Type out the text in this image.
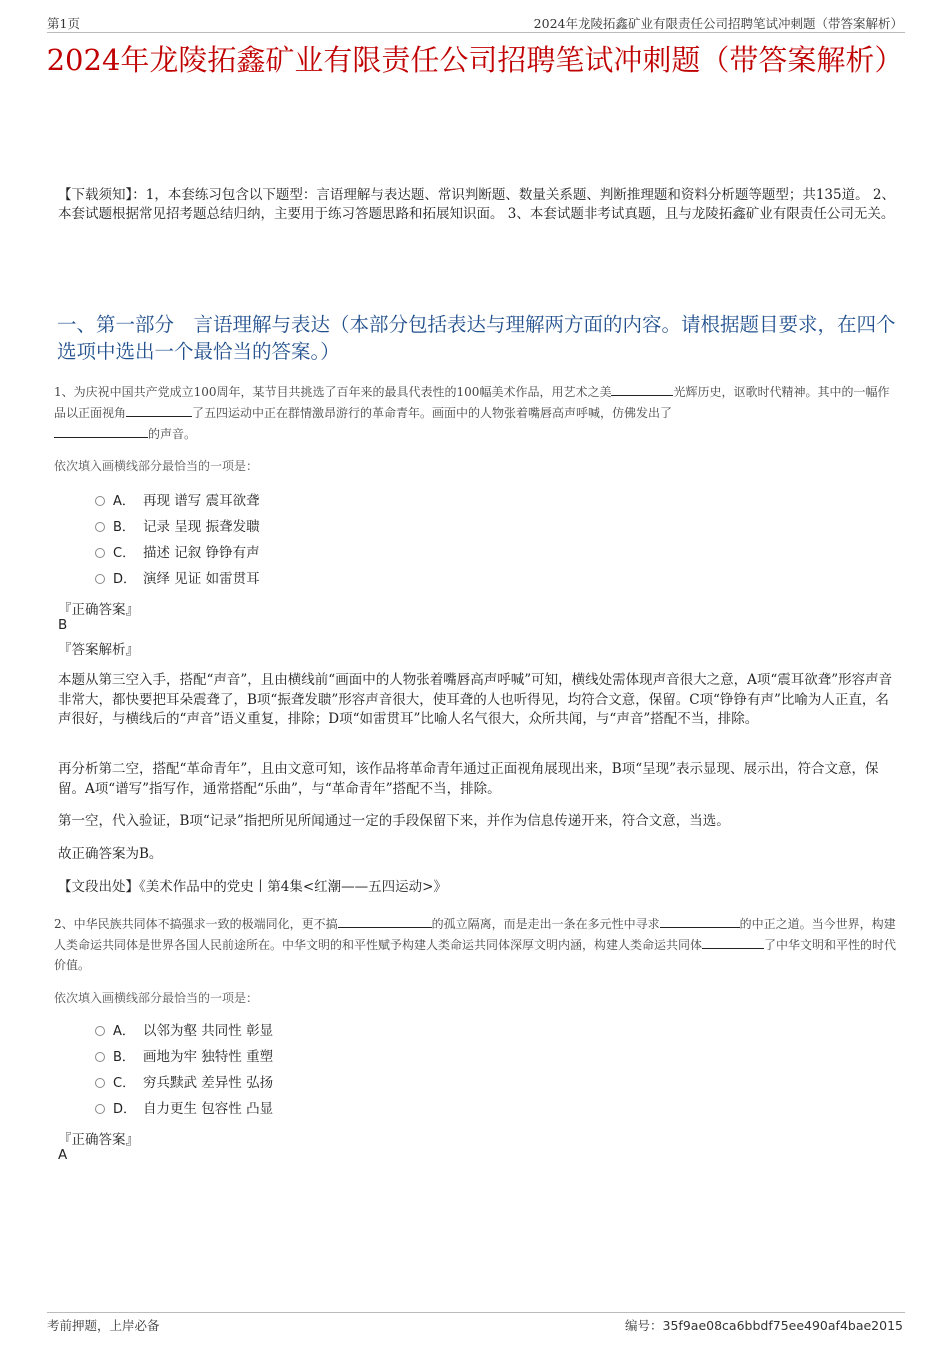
第1页	2024年龙陵拓鑫矿业有限责任公司招聘笔试冲刺题（带答案解析）
2024年龙陵拓鑫矿业有限责任公司招聘笔试冲刺题（带答案解析）
【下载须知】：1，本套练习包含以下题型：言语理解与表达题、常识判断题、数量关系题、判断推理题和资料分析题等题型；共135道。 2、本套试题根据常见招考题总结归纳，主要用于练习答题思路和拓展知识面。 3、本套试题非考试真题，且与龙陵拓鑫矿业有限责任公司无关。
一、第一部分　言语理解与表达（本部分包括表达与理解两方面的内容。请根据题目要求，在四个选项中选出一个最恰当的答案。）
1、为庆祝中国共产党成立100周年，某节目共挑选了百年来的最具代表性的100幅美术作品，用艺术之美	光辉历史，讴歌时代精神。其中的一幅作品以正面视角	了五四运动中正在群情激昂游行的革命青年。画面中的人物张着嘴唇高声呼喊，仿佛发出了
的声音。
依次填入画横线部分最恰当的一项是：
A． 再现 谱写 震耳欲聋
B． 记录 呈现 振聋发聩
C． 描述 记叙 铮铮有声
D． 演绎 见证 如雷贯耳
『正确答案』
B
『答案解析』
本题从第三空入手，搭配“声音”，且由横线前“画面中的人物张着嘴唇高声呼喊”可知，横线处需体现声音很大之意，A项“震耳欲聋”形容声音非常大，都快要把耳朵震聋了，B项“振聋发聩”形容声音很大，使耳聋的人也听得见，均符合文意，保留。C项“铮铮有声”比喻为人正直，名声很好，与横线后的“声音”语义重复，排除；D项“如雷贯耳”比喻人名气很大，众所共闻，与“声音”搭配不当，排除。
再分析第二空，搭配“革命青年”，且由文意可知，该作品将革命青年通过正面视角展现出来，B项“呈现”表示显现、展示出，符合文意，保留。A项“谱写”指写作，通常搭配“乐曲”，与“革命青年”搭配不当，排除。
第一空，代入验证，B项“记录”指把所见所闻通过一定的手段保留下来，并作为信息传递开来，符合文意，当选。
故正确答案为B。
【文段出处】《美术作品中的党史丨第4集<红潮——五四运动>》
2、中华民族共同体不搞强求一致的极端同化，更不搞	的孤立隔离，而是走出一条在多元性中寻求	的中正之道。当今世界，构建人类命运共同体是世界各国人民前途所在。中华文明的和平性赋予构建人类命运共同体深厚文明内涵，构建人类命运共同体	了中华文明和平性的时代价值。
依次填入画横线部分最恰当的一项是：
A． 以邻为壑 共同性 彰显
B． 画地为牢 独特性 重塑
C． 穷兵黩武 差异性 弘扬
D． 自力更生 包容性 凸显
『正确答案』
A
考前押题，上岸必备	编号：35f9ae08ca6bbdf75ee490af4bae2015
